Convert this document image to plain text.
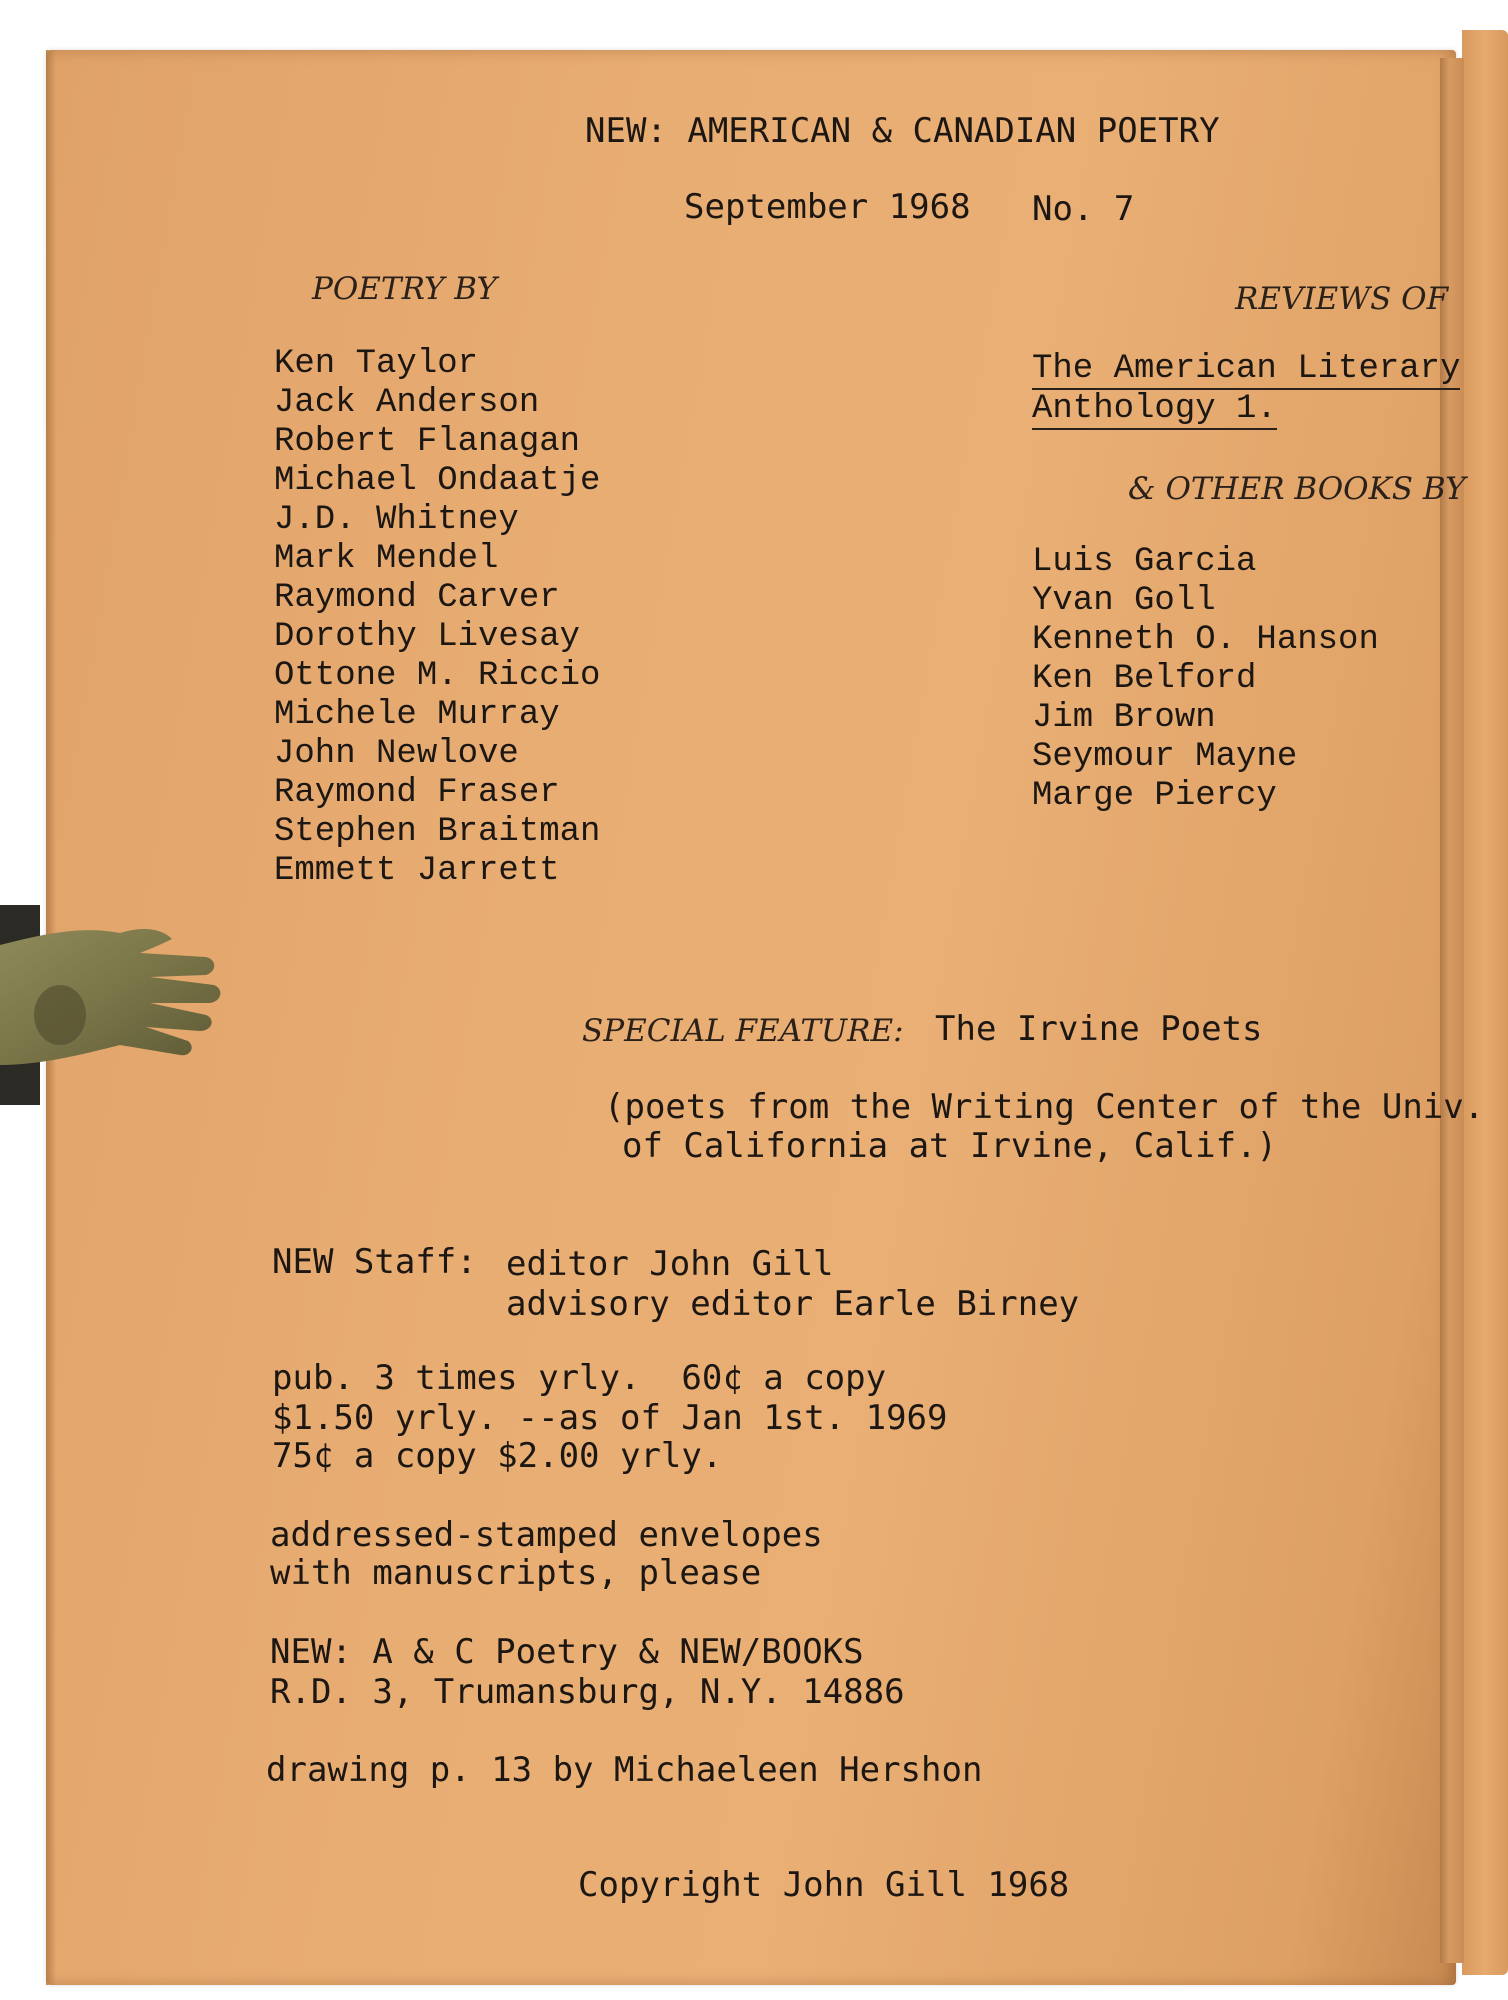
NEW: AMERICAN & CANADIAN POETRY

September 1968 No. 7

POETRY BY

Ken Taylor
Jack Anderson
Robert Flanagan
Michael Ondaatje
J.D. Whitney
Mark Mendel
Raymond Carver
Dorothy Livesay
Ottone M. Riccio
Michele Murray
John Newlove
Raymond Fraser
Stephen Braitman
Emmett Jarrett

REVIEWS OF

The American Literary

Anthology 1.

& OTHER BOOKS BY

Luis Garcia
Yvan Goll
Kenneth O. Hanson
Ken Belford
Jim Brown
Seymour Mayne
Marge Piercy

SPECIAL FEATURE: The Irvine Poets

(poets from the Writing Center of the Univ.

of California at Irvine, Calif.)

NEW Staff: editor John Gill

advisory editor Earle Birney

pub. 3 times yrly.  60¢ a copy

$1.50 yrly. --as of Jan 1st. 1969

75¢ a copy $2.00 yrly.

addressed-stamped envelopes

with manuscripts, please

NEW: A & C Poetry & NEW/BOOKS

R.D. 3, Trumansburg, N.Y. 14886

drawing p. 13 by Michaeleen Hershon

Copyright John Gill 1968
